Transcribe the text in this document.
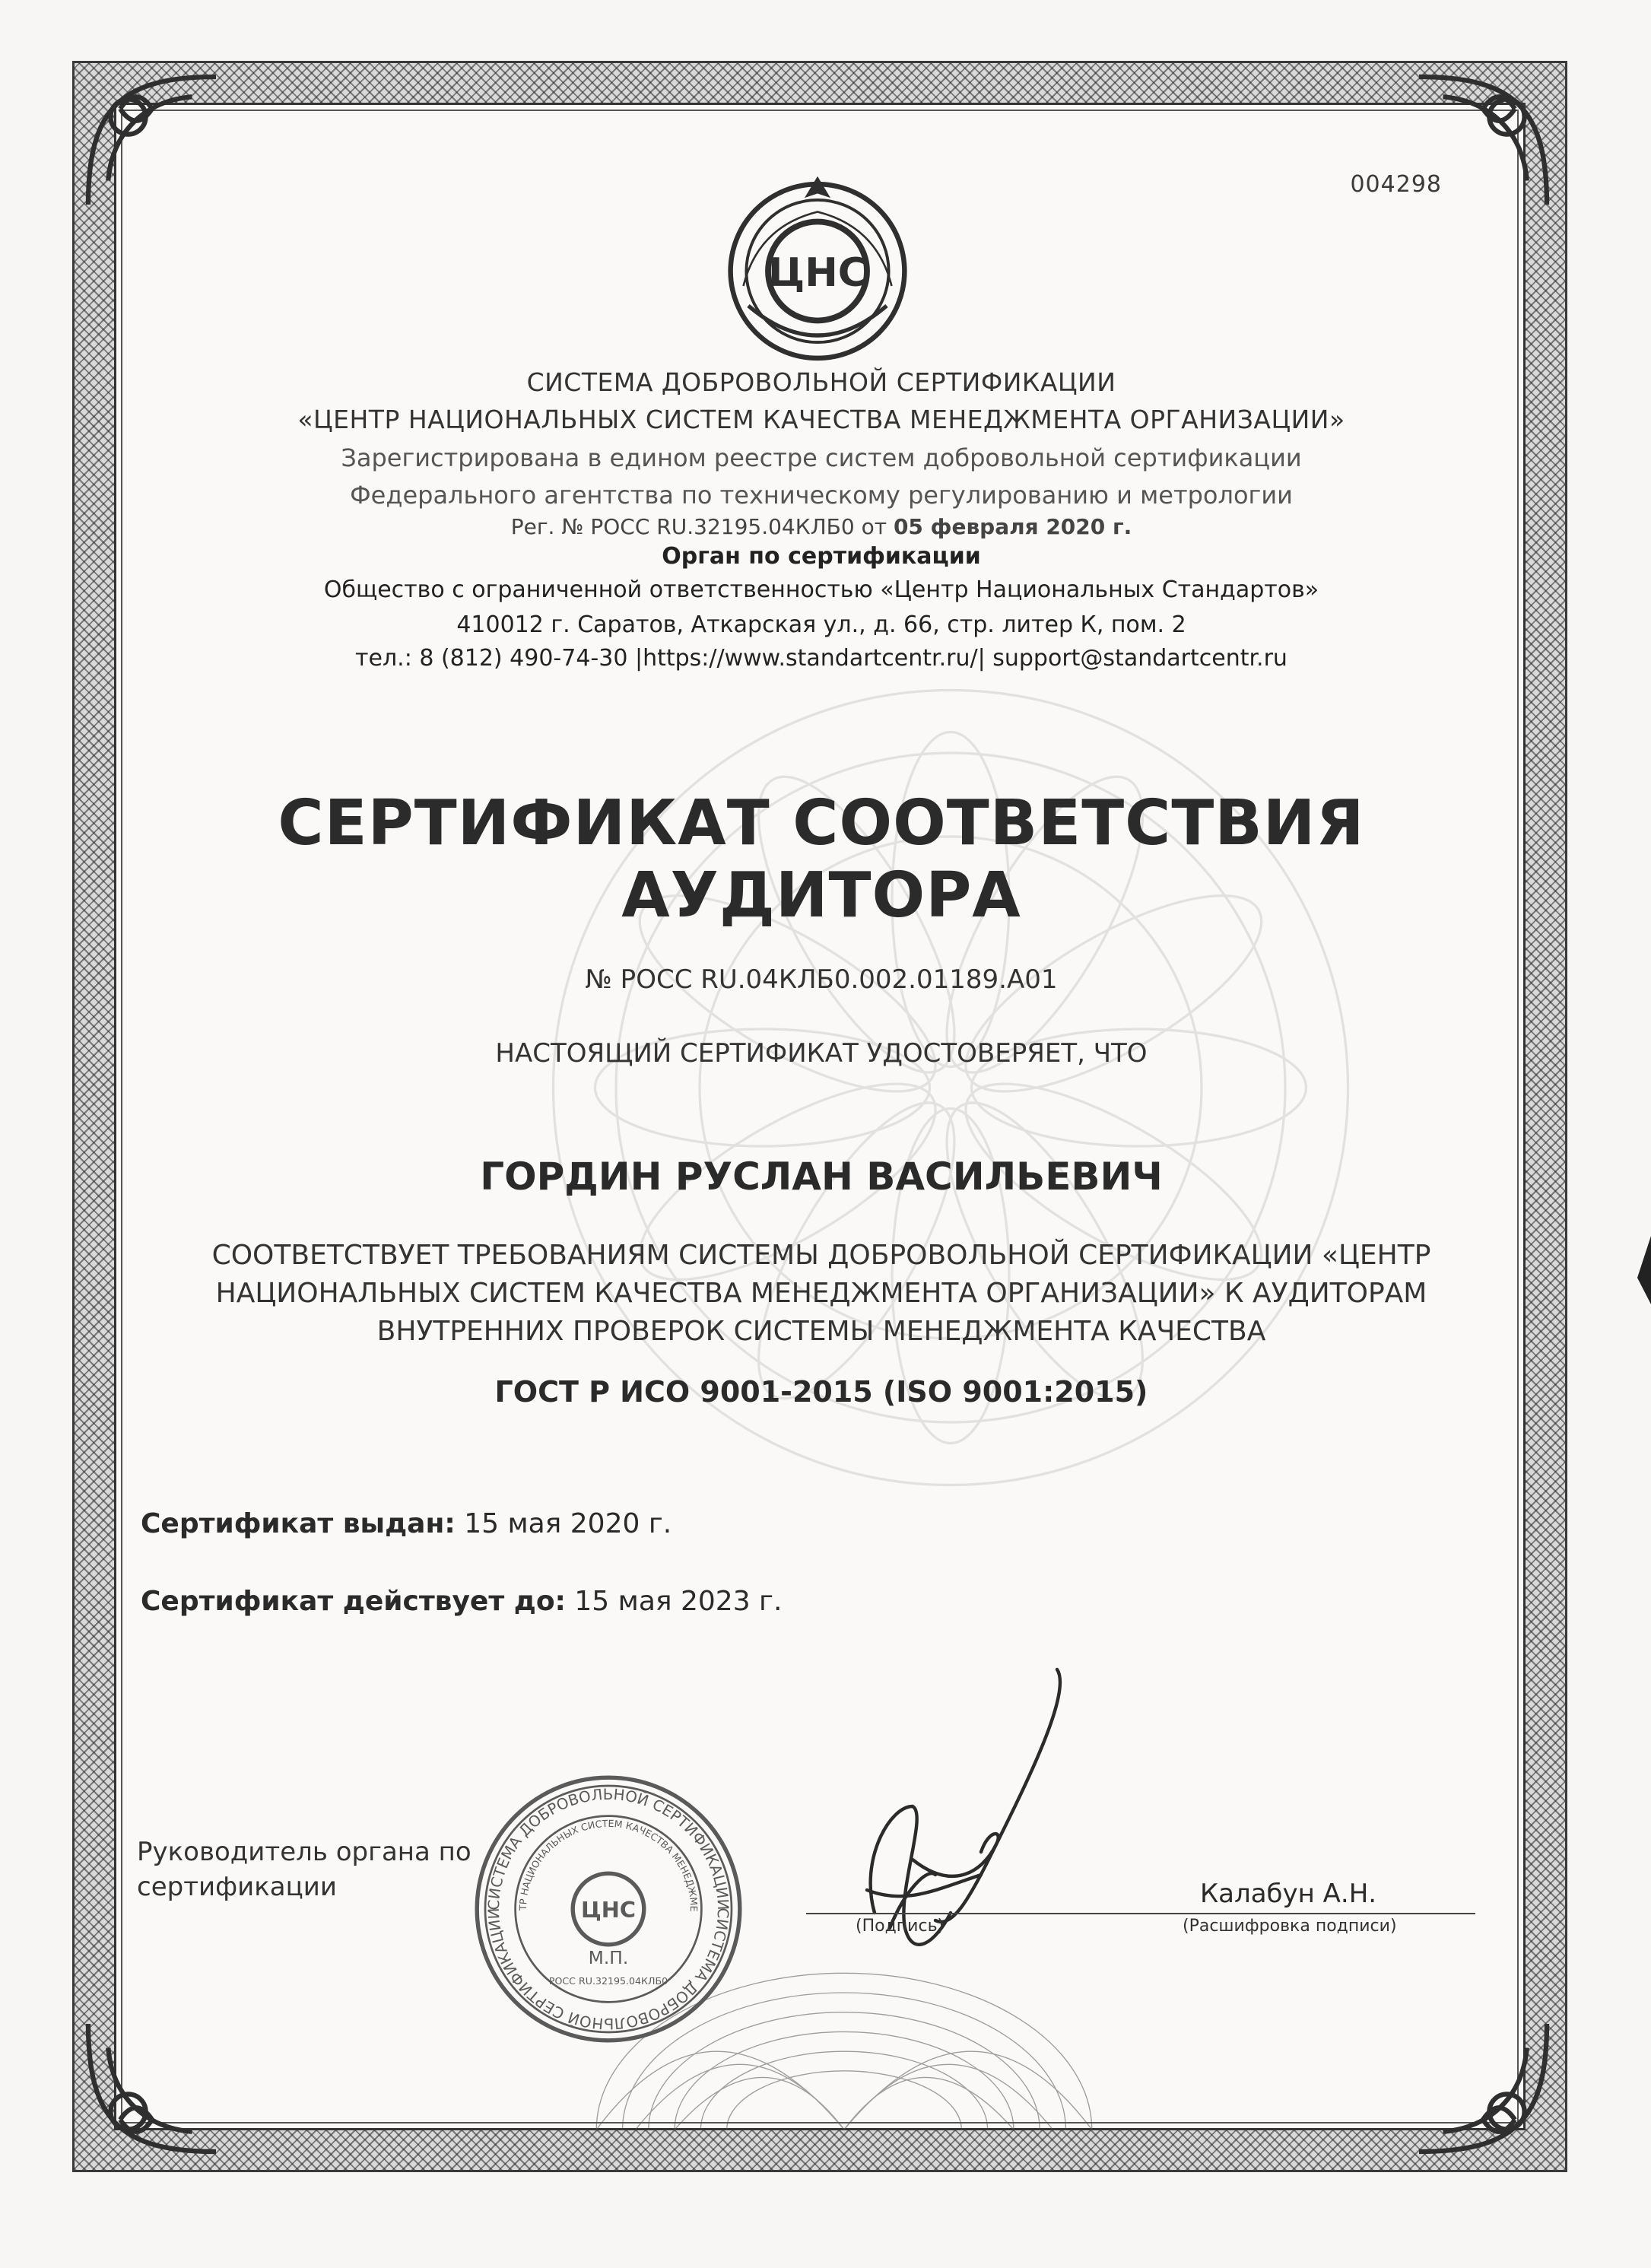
004298
ЦНС
СИСТЕМА ДОБРОВОЛЬНОЙ СЕРТИФИКАЦИИ
«ЦЕНТР НАЦИОНАЛЬНЫХ СИСТЕМ КАЧЕСТВА МЕНЕДЖМЕНТА ОРГАНИЗАЦИИ»
Зарегистрирована в едином реестре систем добровольной сертификации
Федерального агентства по техническому регулированию и метрологии
Рег. № РОСС RU.32195.04КЛБ0 от 05 февраля 2020 г.
Орган по сертификации
Общество с ограниченной ответственностью «Центр Национальных Стандартов»
410012 г. Саратов, Аткарская ул., д. 66, стр. литер К, пом. 2
тел.: 8 (812) 490-74-30 |https://www.standartcentr.ru/| support@standartcentr.ru
СЕРТИФИКАТ СООТВЕТСТВИЯ
АУДИТОРА
№ РОСС RU.04КЛБ0.002.01189.А01
НАСТОЯЩИЙ СЕРТИФИКАТ УДОСТОВЕРЯЕТ, ЧТО
ГОРДИН РУСЛАН ВАСИЛЬЕВИЧ
СООТВЕТСТВУЕТ ТРЕБОВАНИЯМ СИСТЕМЫ ДОБРОВОЛЬНОЙ СЕРТИФИКАЦИИ «ЦЕНТР
НАЦИОНАЛЬНЫХ СИСТЕМ КАЧЕСТВА МЕНЕДЖМЕНТА ОРГАНИЗАЦИИ» К АУДИТОРАМ
ВНУТРЕННИХ ПРОВЕРОК СИСТЕМЫ МЕНЕДЖМЕНТА КАЧЕСТВА
ГОСТ Р ИСО 9001-2015 (ISO 9001:2015)
Сертификат выдан: 15 мая 2020 г.
Сертификат действует до: 15 мая 2023 г.
Руководитель органа по сертификации
СИСТЕМА ДОБРОВОЛЬНОЙ СЕРТИФИКАЦИИ
СИСТЕМА ДОБРОВОЛЬНОЙ СЕРТИФИКАЦИИ	ТР НАЦИОНАЛЬНЫХ СИСТЕМ КАЧЕСТВА МЕНЕДЖМЕ
ЦНС
М.П.
РОСС RU.32195.04КЛБ0
(Подпись)
Калабун А.Н.
(Расшифровка подписи)
